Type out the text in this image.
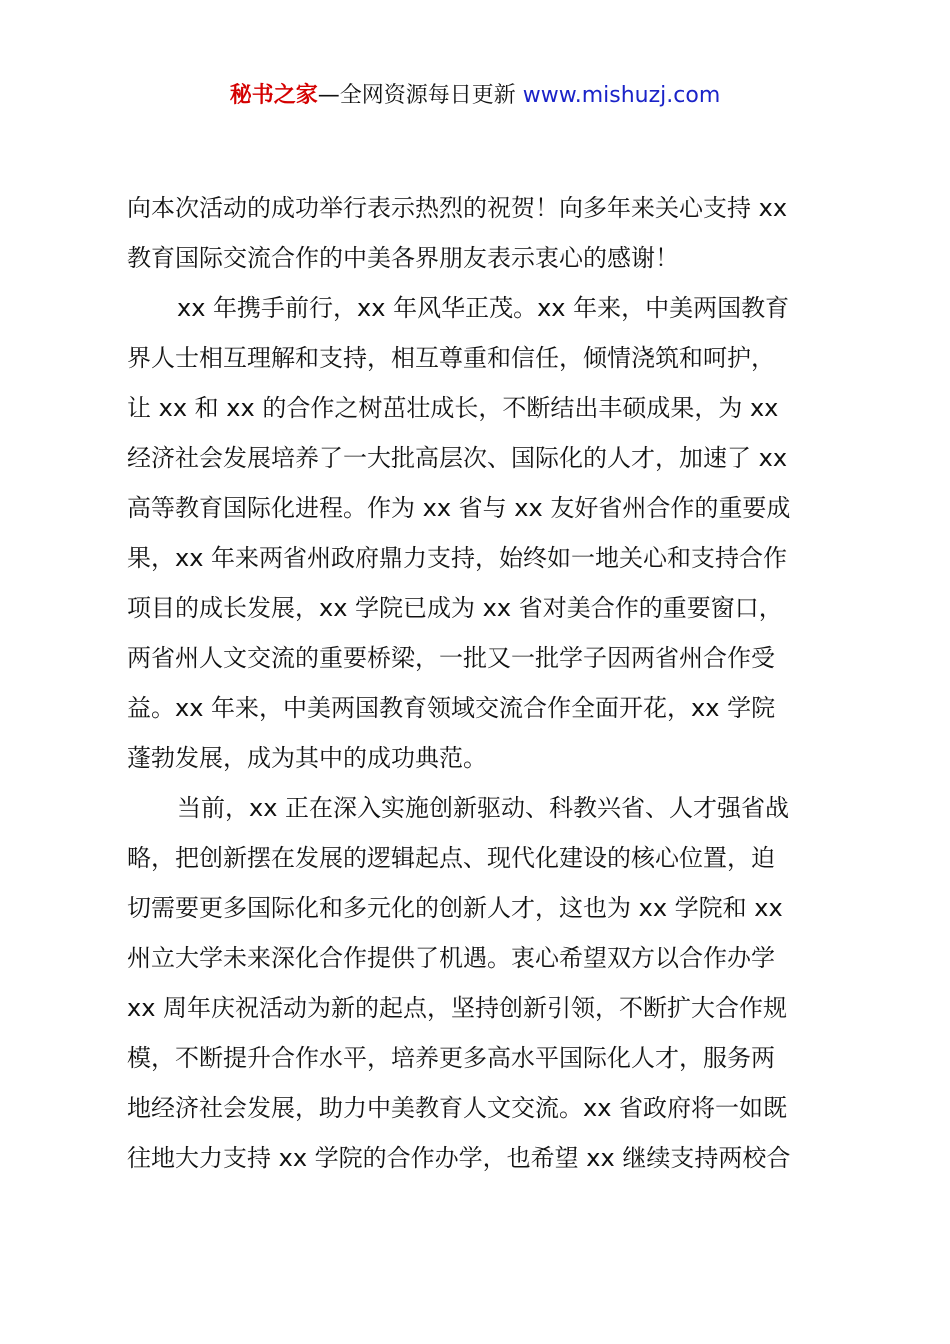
秘书之家—全网资源每日更新 www.mishuzj.com
向本次活动的成功举行表示热烈的祝贺！向多年来关心支持 xx
教育国际交流合作的中美各界朋友表示衷心的感谢！
xx 年携手前行，xx 年风华正茂。xx 年来，中美两国教育
界人士相互理解和支持，相互尊重和信任，倾情浇筑和呵护，
让 xx 和 xx 的合作之树茁壮成长，不断结出丰硕成果，为 xx
经济社会发展培养了一大批高层次、国际化的人才，加速了 xx
高等教育国际化进程。作为 xx 省与 xx 友好省州合作的重要成
果，xx 年来两省州政府鼎力支持，始终如一地关心和支持合作
项目的成长发展，xx 学院已成为 xx 省对美合作的重要窗口，
两省州人文交流的重要桥梁，一批又一批学子因两省州合作受
益。xx 年来，中美两国教育领域交流合作全面开花，xx 学院
蓬勃发展，成为其中的成功典范。
当前，xx 正在深入实施创新驱动、科教兴省、人才强省战
略，把创新摆在发展的逻辑起点、现代化建设的核心位置，迫
切需要更多国际化和多元化的创新人才，这也为 xx 学院和 xx
州立大学未来深化合作提供了机遇。衷心希望双方以合作办学
xx 周年庆祝活动为新的起点，坚持创新引领，不断扩大合作规
模，不断提升合作水平，培养更多高水平国际化人才，服务两
地经济社会发展，助力中美教育人文交流。xx 省政府将一如既
往地大力支持 xx 学院的合作办学，也希望 xx 继续支持两校合
